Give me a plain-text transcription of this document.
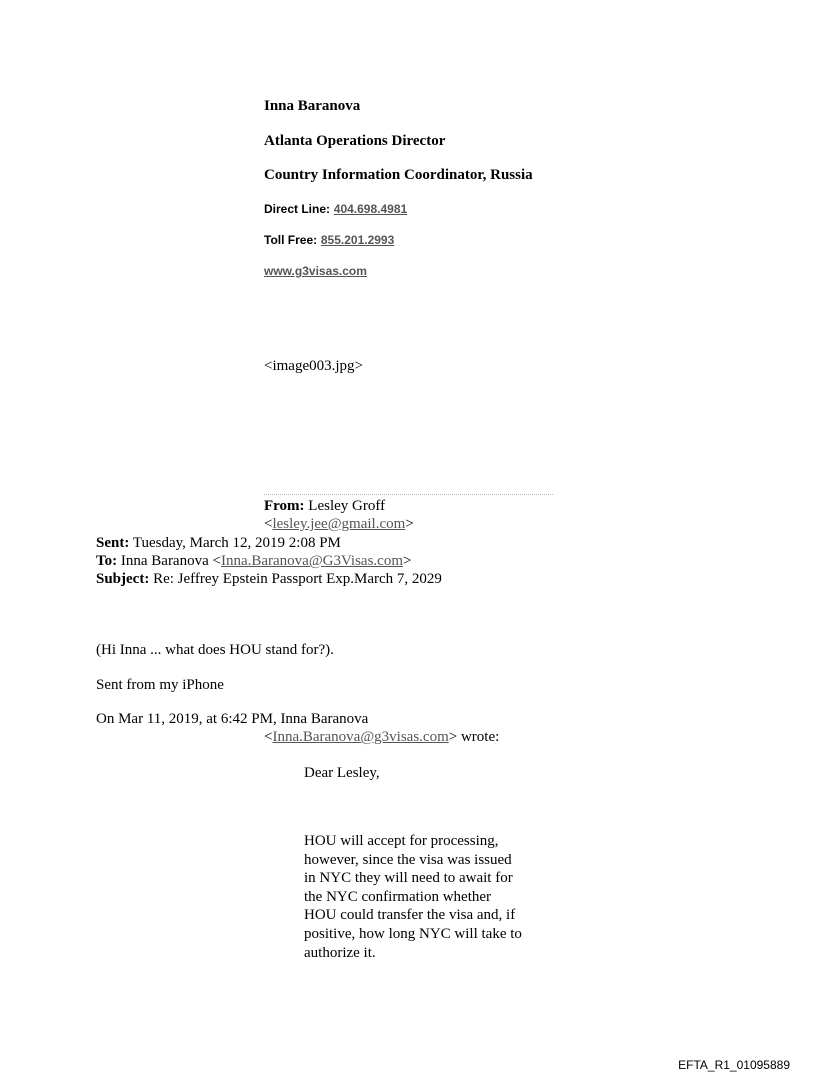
Inna Baranova
Atlanta Operations Director
Country Information Coordinator, Russia
Direct Line: 404.698.4981
Toll Free: 855.201.2993
www.g3visas.com
<image003.jpg>
From: Lesley Groff
<lesley.jee@gmail.com>
Sent: Tuesday, March 12, 2019 2:08 PM
To: Inna Baranova <Inna.Baranova@G3Visas.com>
Subject: Re: Jeffrey Epstein Passport Exp.March 7, 2029
(Hi Inna ... what does HOU stand for?).
Sent from my iPhone
On Mar 11, 2019, at 6:42 PM, Inna Baranova
<Inna.Baranova@g3visas.com> wrote:
Dear Lesley,
HOU will accept for processing, however, since the visa was issued in NYC they will need to await for the NYC confirmation whether HOU could transfer the visa and, if positive, how long NYC will take to authorize it.
EFTA_R1_01095889
